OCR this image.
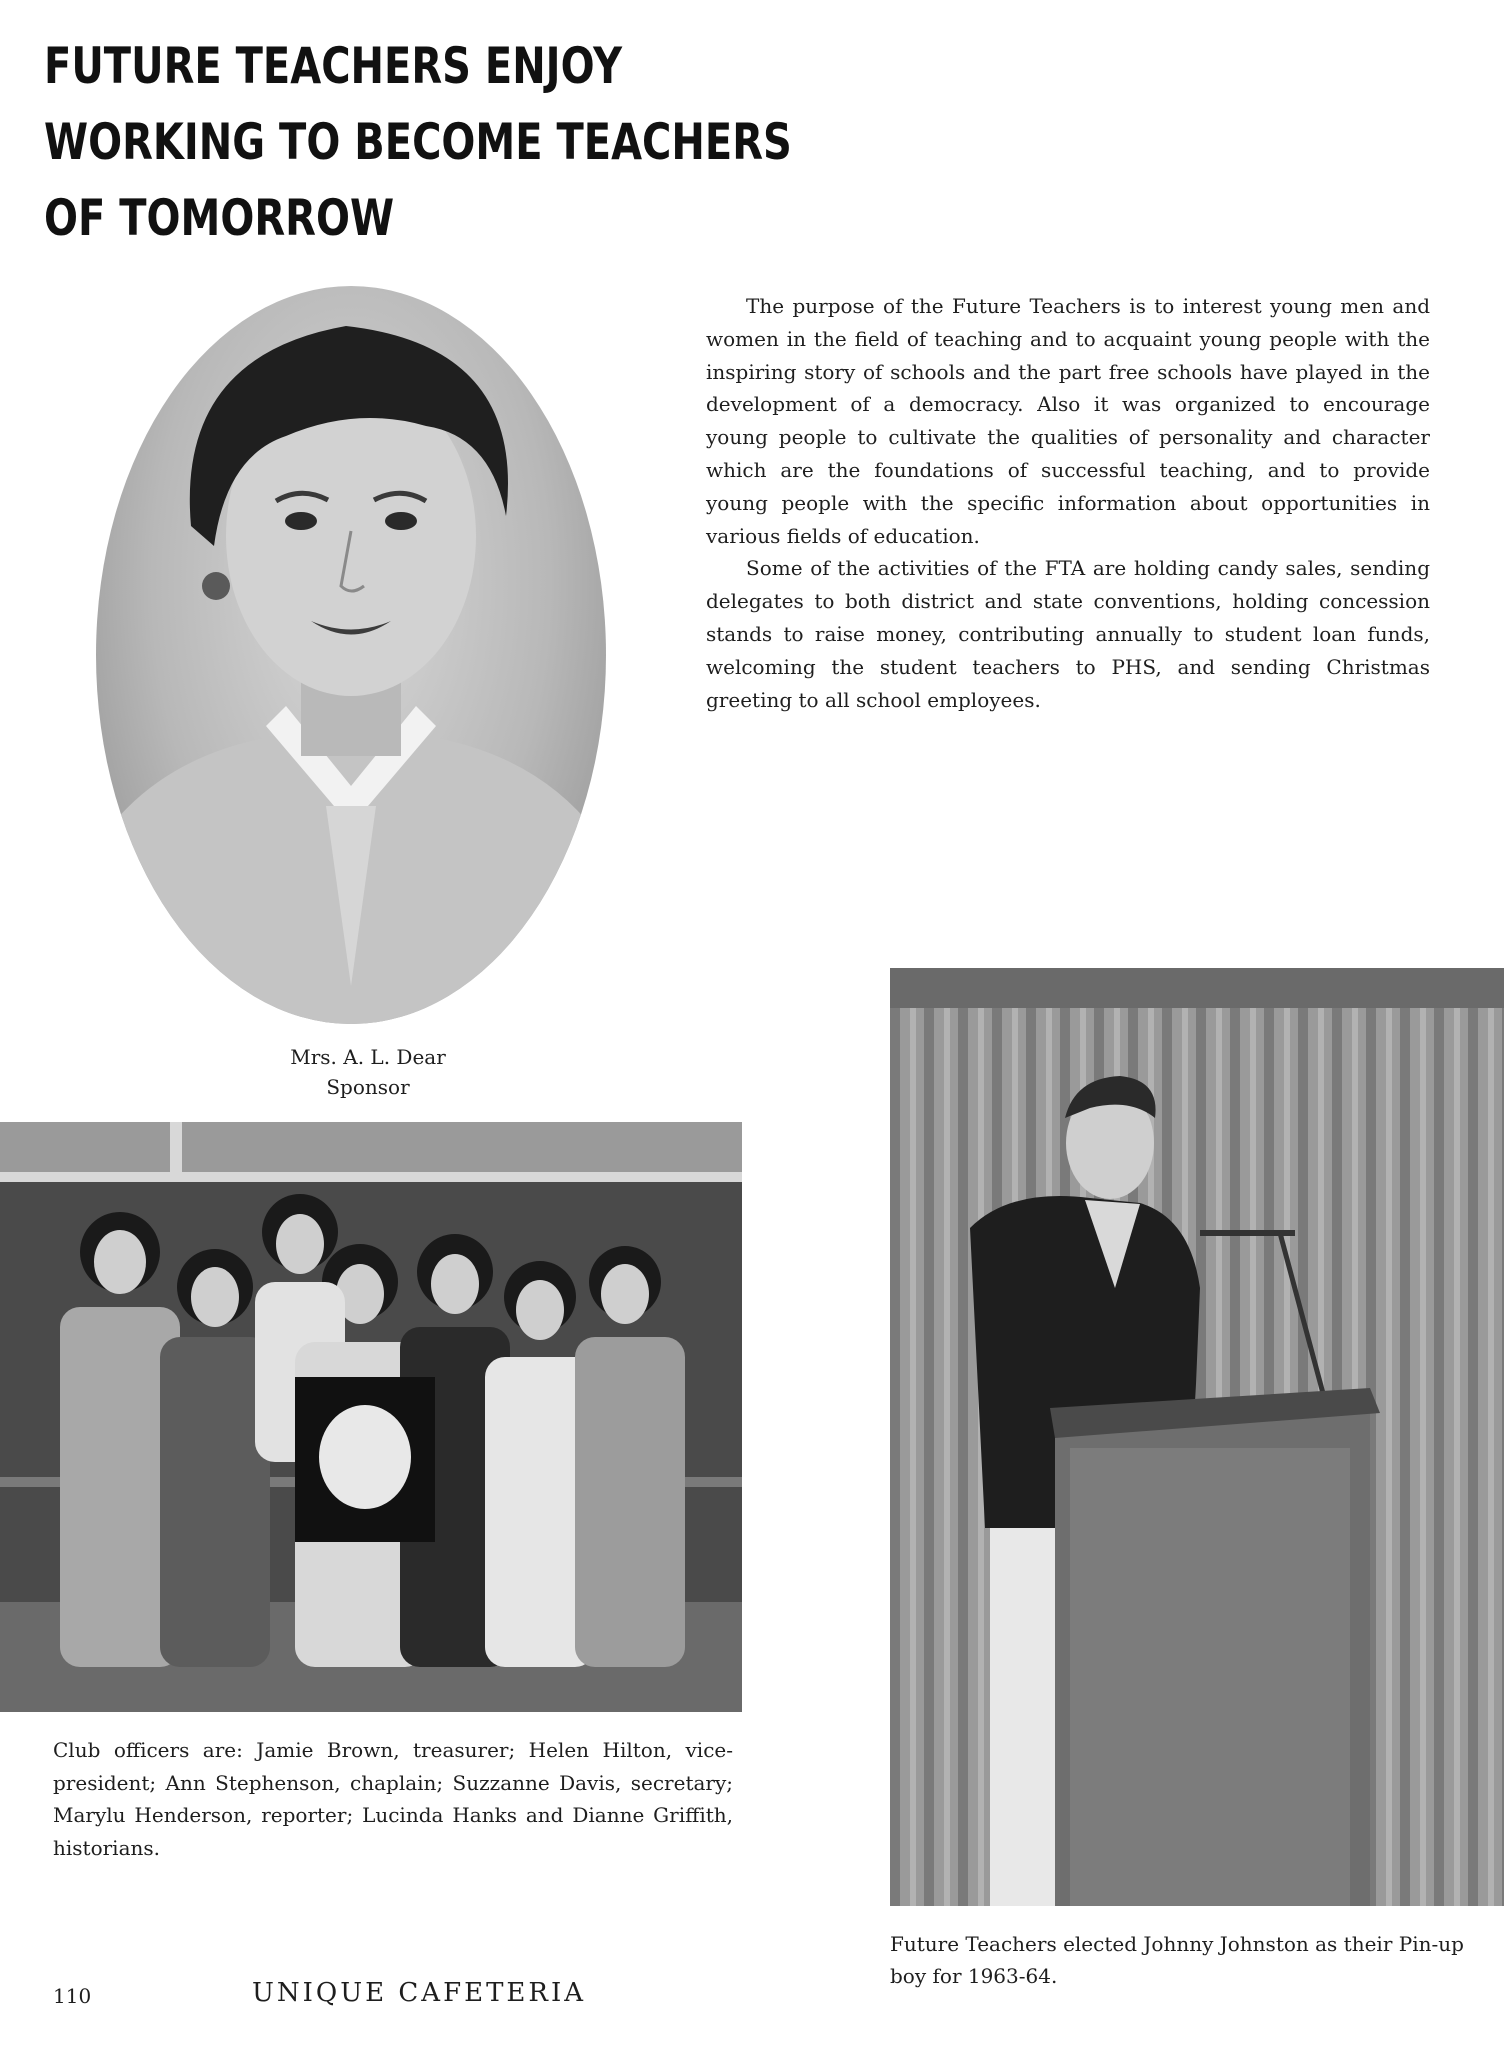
FUTURE TEACHERS ENJOY
WORKING TO BECOME TEACHERS
OF TOMORROW

The purpose of the Future Teachers is to interest young men and women in the field of teaching and to acquaint young people with the inspiring story of schools and the part free schools have played in the development of a democracy. Also it was organized to encourage young people to cultivate the qualities of personality and character which are the foundations of successful teaching, and to provide young people with the specific information about opportunities in various fields of education.

Some of the activities of the FTA are holding candy sales, sending delegates to both district and state conventions, holding concession stands to raise money, contributing annually to student loan funds, welcoming the student teachers to PHS, and sending Christmas greeting to all school employees.

Mrs. A. L. Dear
Sponsor
Club officers are: Jamie Brown, treasurer; Helen Hilton, vice-president; Ann Stephenson, chaplain; Suzzanne Davis, secretary; Marylu Henderson, reporter; Lucinda Hanks and Dianne Griffith, historians.
Future Teachers elected Johnny Johnston as their Pin-up boy for 1963-64.
110	UNIQUE CAFETERIA
